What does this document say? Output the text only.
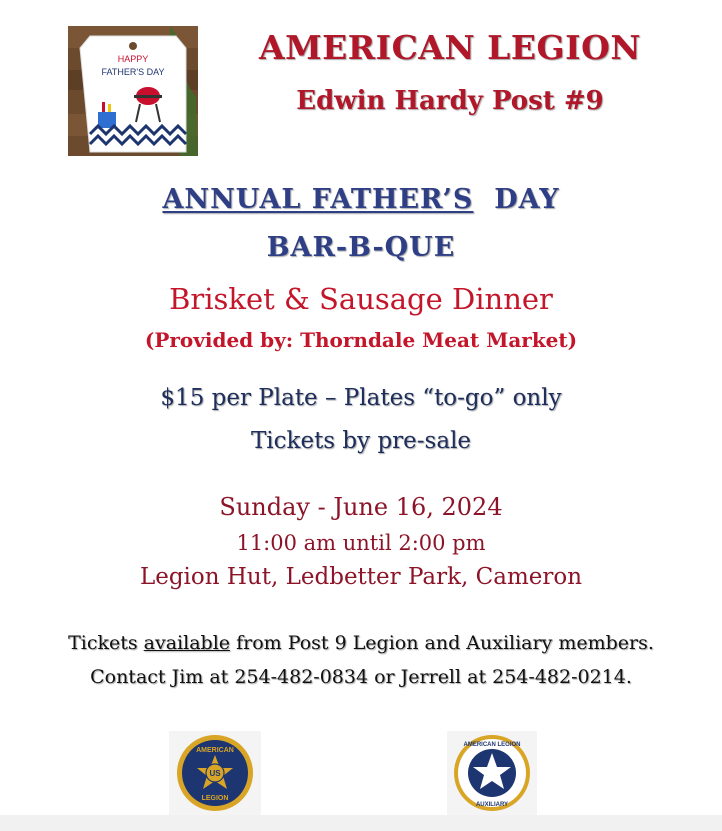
HAPPY
FATHER'S DAY
AMERICAN LEGION
Edwin Hardy Post #9
ANNUAL FATHER’S DAY
BAR-B-QUE
Brisket & Sausage Dinner
(Provided by: Thorndale Meat Market)
$15 per Plate – Plates “to-go” only
Tickets by pre-sale
Sunday - June 16, 2024
11:00 am until 2:00 pm
Legion Hut, Ledbetter Park, Cameron
Tickets available from Post 9 Legion and Auxiliary members.
Contact Jim at 254-482-0834 or Jerrell at 254-482-0214.
AMERICAN
LEGION
US
AMERICAN LEGION
AUXILIARY
